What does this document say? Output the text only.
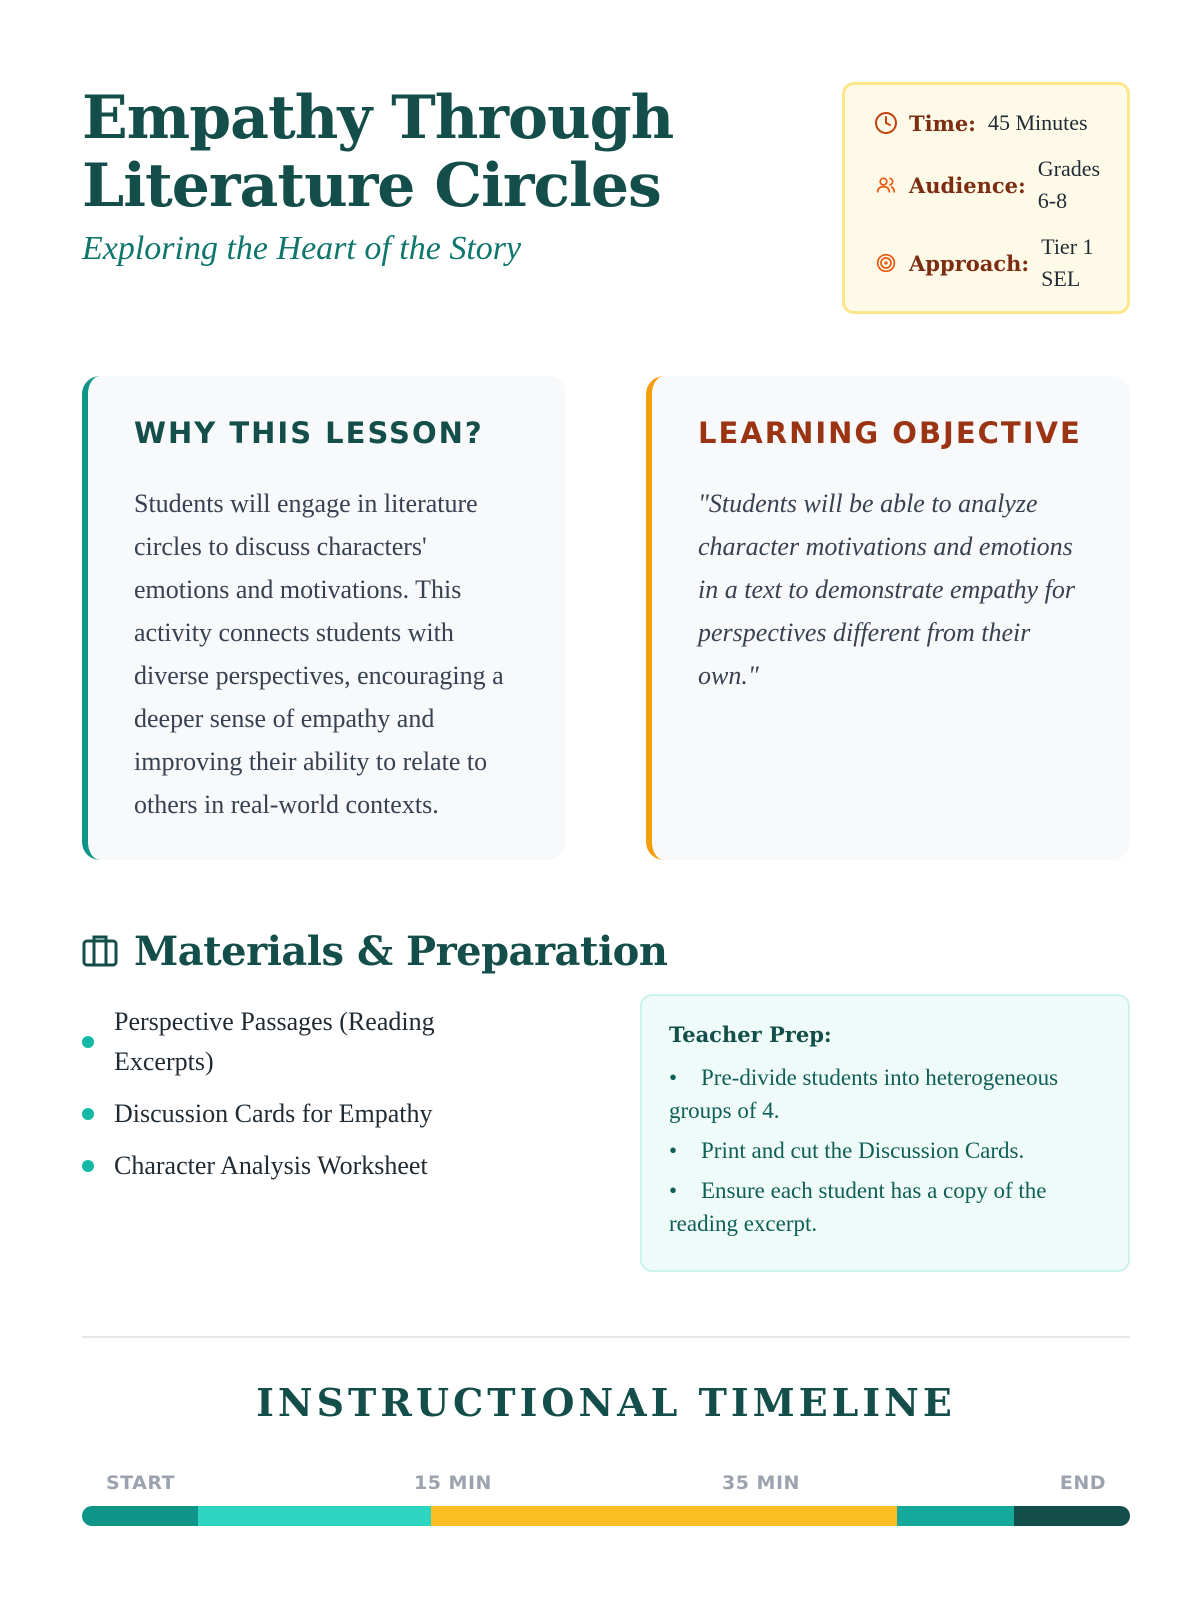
Empathy Through Literature Circles
Exploring the Heart of the Story
Time: 45 Minutes
Audience:
Grades 6-8
Approach:
Tier 1 SEL
WHY THIS LESSON?

Students will engage in literature circles to discuss characters' emotions and motivations. This activity connects students with diverse perspectives, encouraging a deeper sense of empathy and improving their ability to relate to others in real-world contexts.

LEARNING OBJECTIVE

"Students will be able to analyze character motivations and emotions in a text to demonstrate empathy for perspectives different from their own."

Materials & Preparation
Perspective Passages (Reading Excerpts)
Discussion Cards for Empathy
Character Analysis Worksheet
Teacher Prep:
• Pre-divide students into heterogeneous groups of 4.
• Print and cut the Discussion Cards.
• Ensure each student has a copy of the reading excerpt.
INSTRUCTIONAL TIMELINE
START	15 MIN	35 MIN	END
